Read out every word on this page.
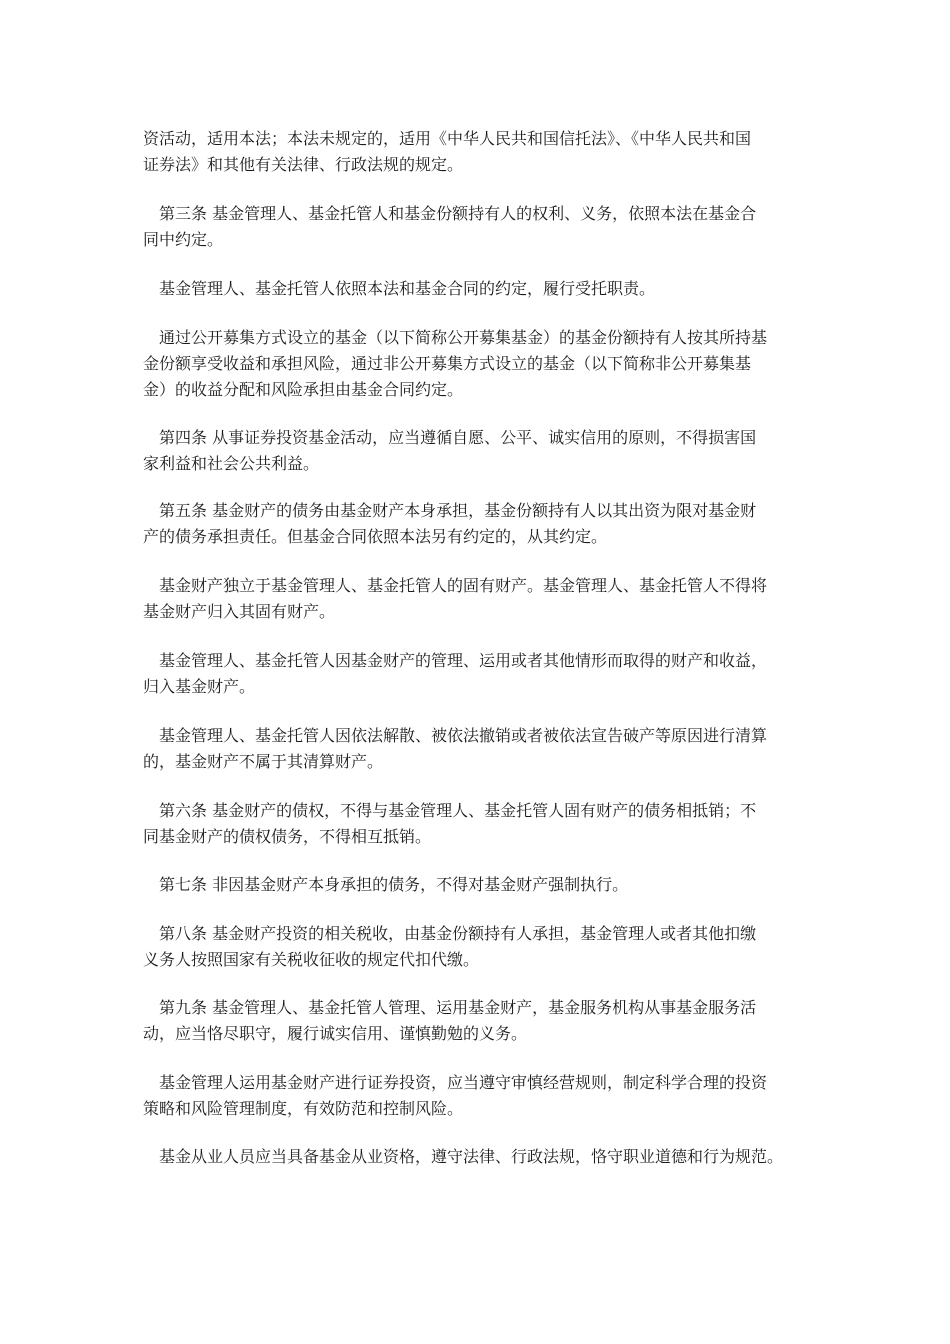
资活动，适用本法；本法未规定的，适用《中华人民共和国信托法》、《中华人民共和国
证券法》和其他有关法律、行政法规的规定。

　第三条 基金管理人、基金托管人和基金份额持有人的权利、义务，依照本法在基金合
同中约定。

　基金管理人、基金托管人依照本法和基金合同的约定，履行受托职责。

　通过公开募集方式设立的基金（以下简称公开募集基金）的基金份额持有人按其所持基
金份额享受收益和承担风险，通过非公开募集方式设立的基金（以下简称非公开募集基
金）的收益分配和风险承担由基金合同约定。

　第四条 从事证券投资基金活动，应当遵循自愿、公平、诚实信用的原则，不得损害国
家利益和社会公共利益。

　第五条 基金财产的债务由基金财产本身承担，基金份额持有人以其出资为限对基金财
产的债务承担责任。但基金合同依照本法另有约定的，从其约定。

　基金财产独立于基金管理人、基金托管人的固有财产。基金管理人、基金托管人不得将
基金财产归入其固有财产。

　基金管理人、基金托管人因基金财产的管理、运用或者其他情形而取得的财产和收益，
归入基金财产。

　基金管理人、基金托管人因依法解散、被依法撤销或者被依法宣告破产等原因进行清算
的，基金财产不属于其清算财产。

　第六条 基金财产的债权，不得与基金管理人、基金托管人固有财产的债务相抵销；不
同基金财产的债权债务，不得相互抵销。

　第七条 非因基金财产本身承担的债务，不得对基金财产强制执行。

　第八条 基金财产投资的相关税收，由基金份额持有人承担，基金管理人或者其他扣缴
义务人按照国家有关税收征收的规定代扣代缴。

　第九条 基金管理人、基金托管人管理、运用基金财产，基金服务机构从事基金服务活
动，应当恪尽职守，履行诚实信用、谨慎勤勉的义务。

　基金管理人运用基金财产进行证券投资，应当遵守审慎经营规则，制定科学合理的投资
策略和风险管理制度，有效防范和控制风险。

　基金从业人员应当具备基金从业资格，遵守法律、行政法规，恪守职业道德和行为规范。
